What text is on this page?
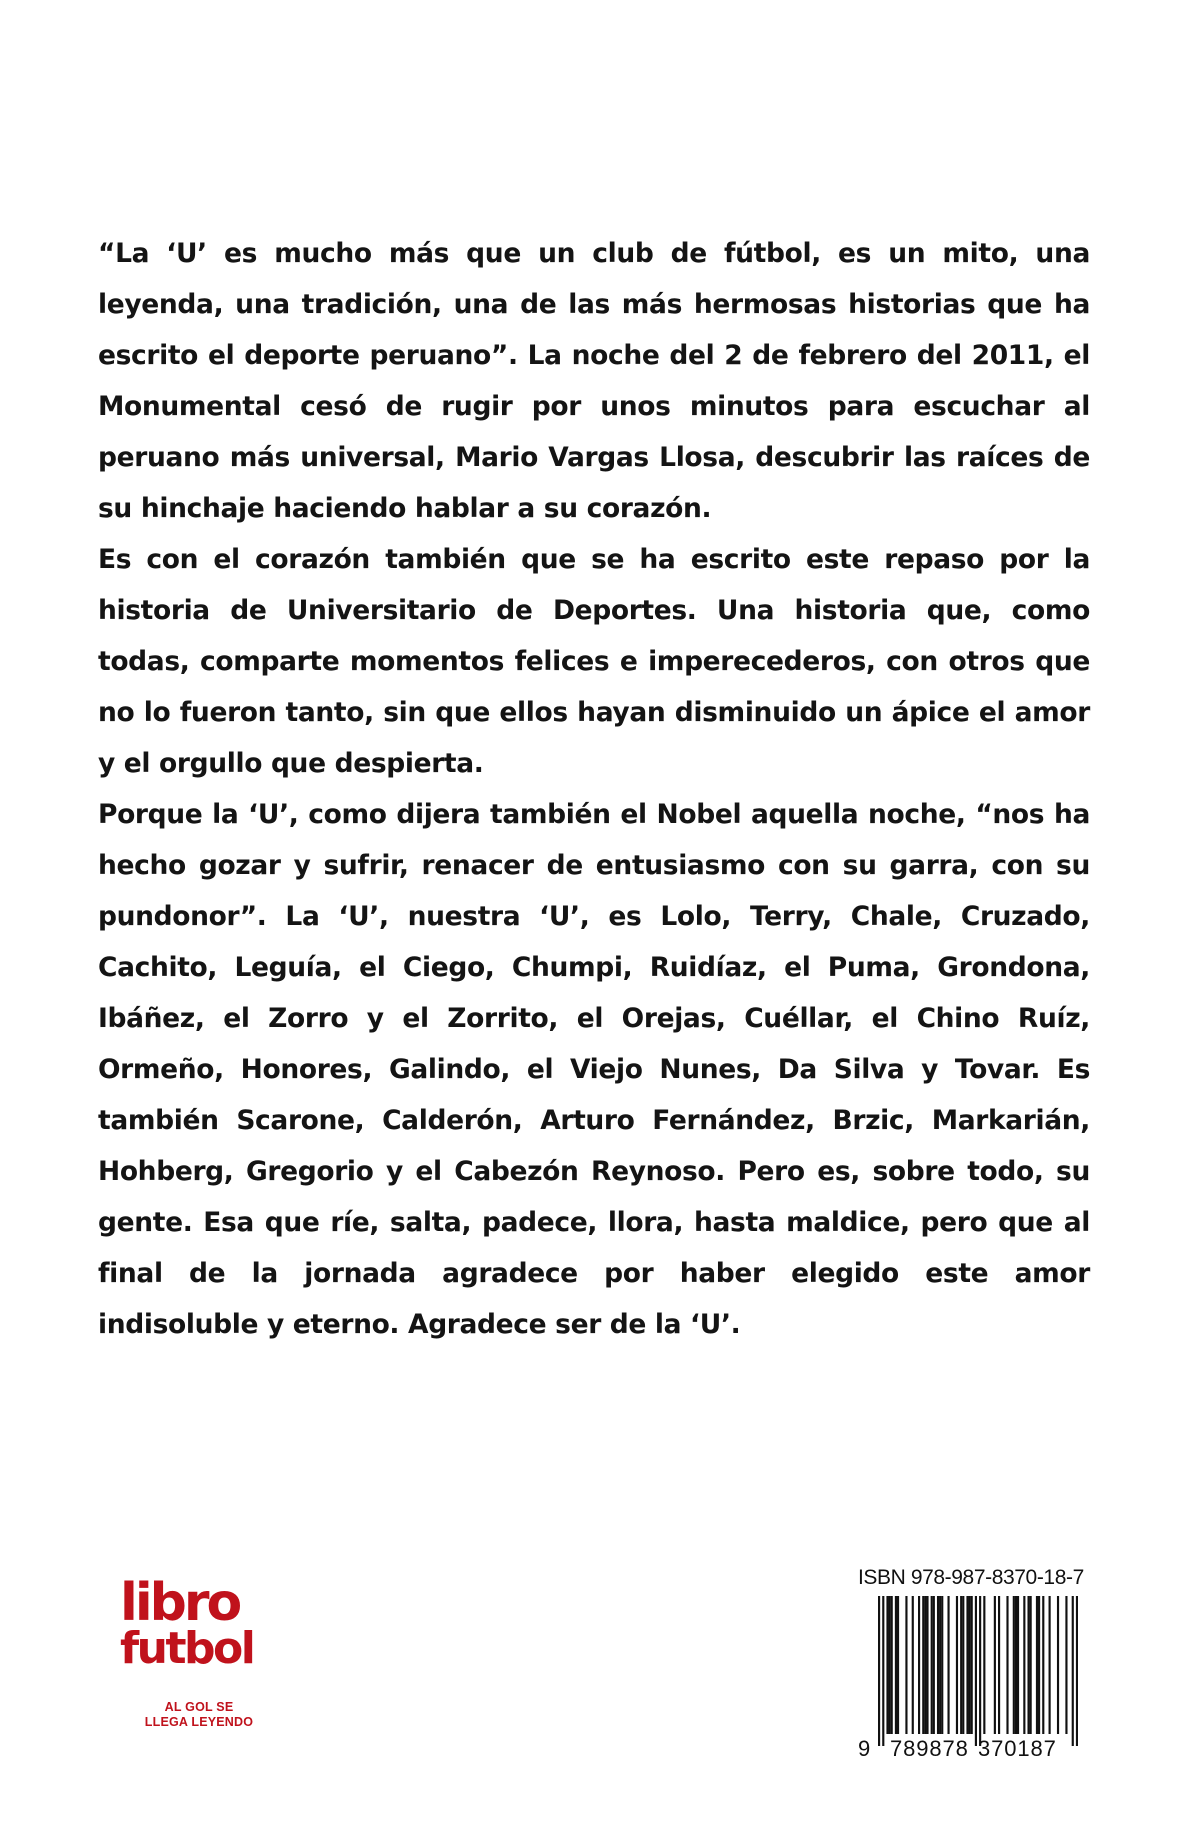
“La ‘U’ es mucho más que un club de fútbol, es un mito, una leyenda, una tradición, una de las más hermosas historias que ha escrito el deporte peruano”. La noche del 2 de febrero del 2011, el Monumental cesó de rugir por unos minutos para escuchar al peruano más universal, Mario Vargas Llosa, descubrir las raíces de su hinchaje haciendo hablar a su corazón.

Es con el corazón también que se ha escrito este repaso por la historia de Universitario de Deportes. Una historia que, como todas, comparte momentos felices e imperecederos, con otros que no lo fueron tanto, sin que ellos hayan disminuido un ápice el amor y el orgullo que despierta.

Porque la ‘U’, como dijera también el Nobel aquella noche, “nos ha hecho gozar y sufrir, renacer de entusiasmo con su garra, con su pundonor”. La ‘U’, nuestra ‘U’, es Lolo, Terry, Chale, Cruzado, Cachito, Leguía, el Ciego, Chumpi, Ruidíaz, el Puma, Grondona, Ibáñez, el Zorro y el Zorrito, el Orejas, Cuéllar, el Chino Ruíz, Ormeño, Honores, Galindo, el Viejo Nunes, Da Silva y Tovar. Es también Scarone, Calderón, Arturo Fernández, Brzic, Markarián, Hohberg, Gregorio y el Cabezón Reynoso. Pero es, sobre todo, su gente. Esa que ríe, salta, padece, llora, hasta maldice, pero que al final de la jornada agradece por haber elegido este amor indisoluble y eterno. Agradece ser de la ‘U’.

libro
futbol
AL GOL SE
LLEGA LEYENDO
ISBN 978-987-8370-18-7
9 789878 370187
